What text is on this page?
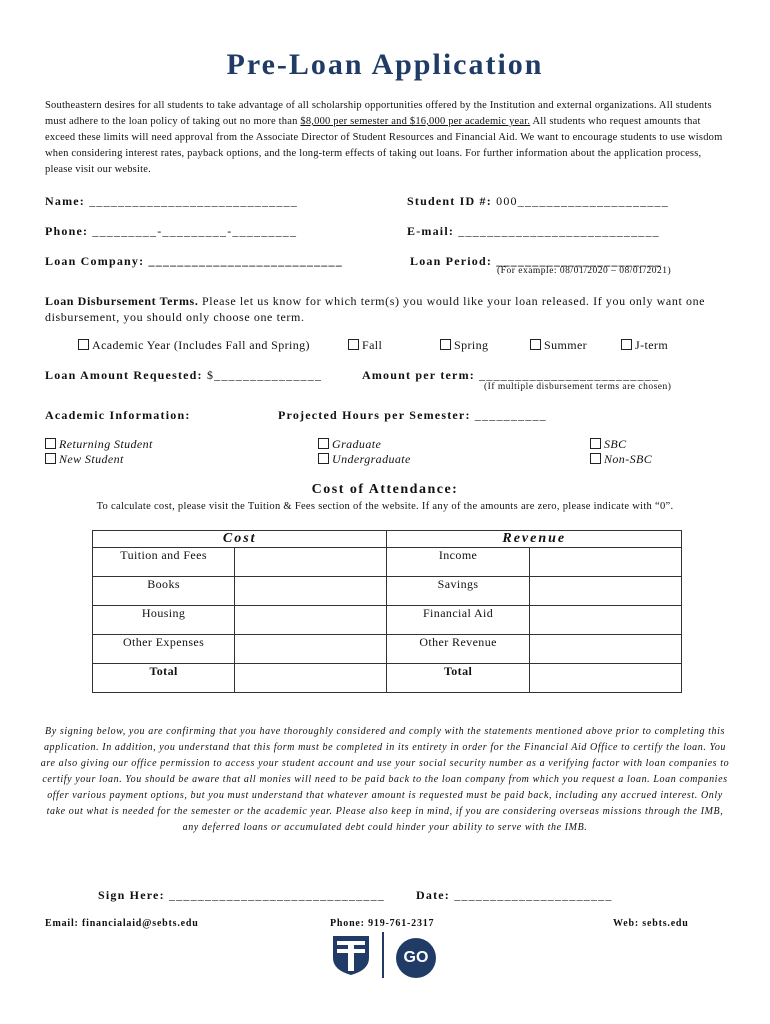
Pre-Loan Application
Southeastern desires for all students to take advantage of all scholarship opportunities offered by the Institution and external organizations. All students must adhere to the loan policy of taking out no more than $8,000 per semester and $16,000 per academic year. All students who request amounts that exceed these limits will need approval from the Associate Director of Student Resources and Financial Aid. We want to encourage students to use wisdom when considering interest rates, payback options, and the long-term effects of taking out loans. For further information about the application process, please visit our website.
Name: _____________________________	Student ID #: 000_____________________
Phone: _________-_________-_________	E-mail: ____________________________
Loan Company: ___________________________	Loan Period: _______________________
(For example: 08/01/2020 – 08/01/2021)
Loan Disbursement Terms. Please let us know for which term(s) you would like your loan released. If you only want one disbursement, you should only choose one term.
Academic Year (Includes Fall and Spring)	Fall	Spring	Summer	J-term
Loan Amount Requested: $_______________	Amount per term: _________________________
(If multiple disbursement terms are chosen)
Academic Information:	Projected Hours per Semester: __________
Returning Student
New Student
Graduate
Undergraduate
SBC
Non-SBC
Cost of Attendance:
To calculate cost, please visit the Tuition & Fees section of the website. If any of the amounts are zero, please indicate with “0”.
Cost		Revenue	
Tuition and Fees		Income	
Books		Savings	
Housing		Financial Aid	
Other Expenses		Other Revenue	
Total		Total	
By signing below, you are confirming that you have thoroughly considered and comply with the statements mentioned above prior to completing this application. In addition, you understand that this form must be completed in its entirety in order for the Financial Aid Office to certify the loan. You are also giving our office permission to access your student account and use your social security number as a verifying factor with loan companies to certify your loan. You should be aware that all monies will need to be paid back to the loan company from which you request a loan. Loan companies offer various payment options, but you must understand that whatever amount is requested must be paid back, including any accrued interest. Only take out what is needed for the semester or the academic year. Please also keep in mind, if you are considering overseas missions through the IMB, any deferred loans or accumulated debt could hinder your ability to serve with the IMB.
Sign Here: ______________________________	Date: ______________________
Email: financialaid@sebts.edu	Phone: 919-761-2317	Web: sebts.edu
GO
